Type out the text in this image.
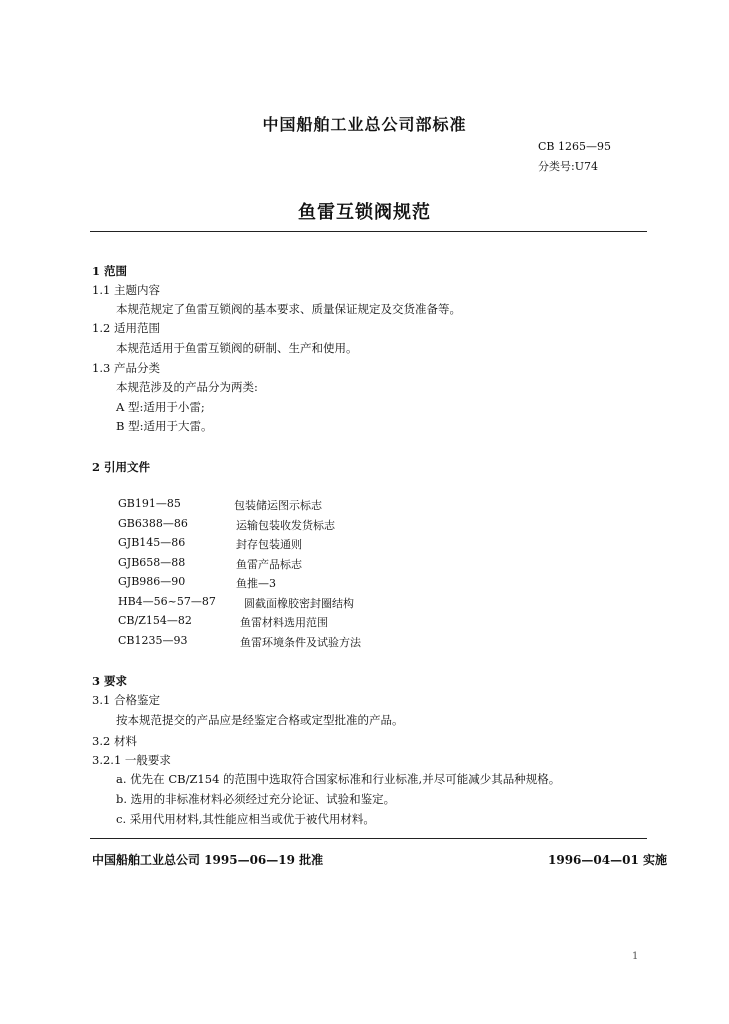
中国船舶工业总公司部标准
CB 1265—95
分类号:U74
鱼雷互锁阀规范
1 范围
1.1 主题内容
本规范规定了鱼雷互锁阀的基本要求、质量保证规定及交货准备等。
1.2 适用范围
本规范适用于鱼雷互锁阀的研制、生产和使用。
1.3 产品分类
本规范涉及的产品分为两类:
A 型:适用于小雷;
B 型:适用于大雷。
2 引用文件
GB191—85	包装储运图示标志
GB6388—86	运输包装收发货标志
GJB145—86	封存包装通则
GJB658—88	鱼雷产品标志
GJB986—90	鱼推—3
HB4—56~57—87	圆截面橡胶密封圈结构
CB/Z154—82	鱼雷材料选用范围
CB1235—93	鱼雷环境条件及试验方法
3 要求
3.1 合格鉴定
按本规范提交的产品应是经鉴定合格或定型批准的产品。
3.2 材料
3.2.1 一般要求
a. 优先在 CB/Z154 的范围中选取符合国家标准和行业标准,并尽可能减少其品种规格。
b. 选用的非标准材料必须经过充分论证、试验和鉴定。
c. 采用代用材料,其性能应相当或优于被代用材料。
中国船舶工业总公司 1995—06—19 批准	1996—04—01 实施
1
